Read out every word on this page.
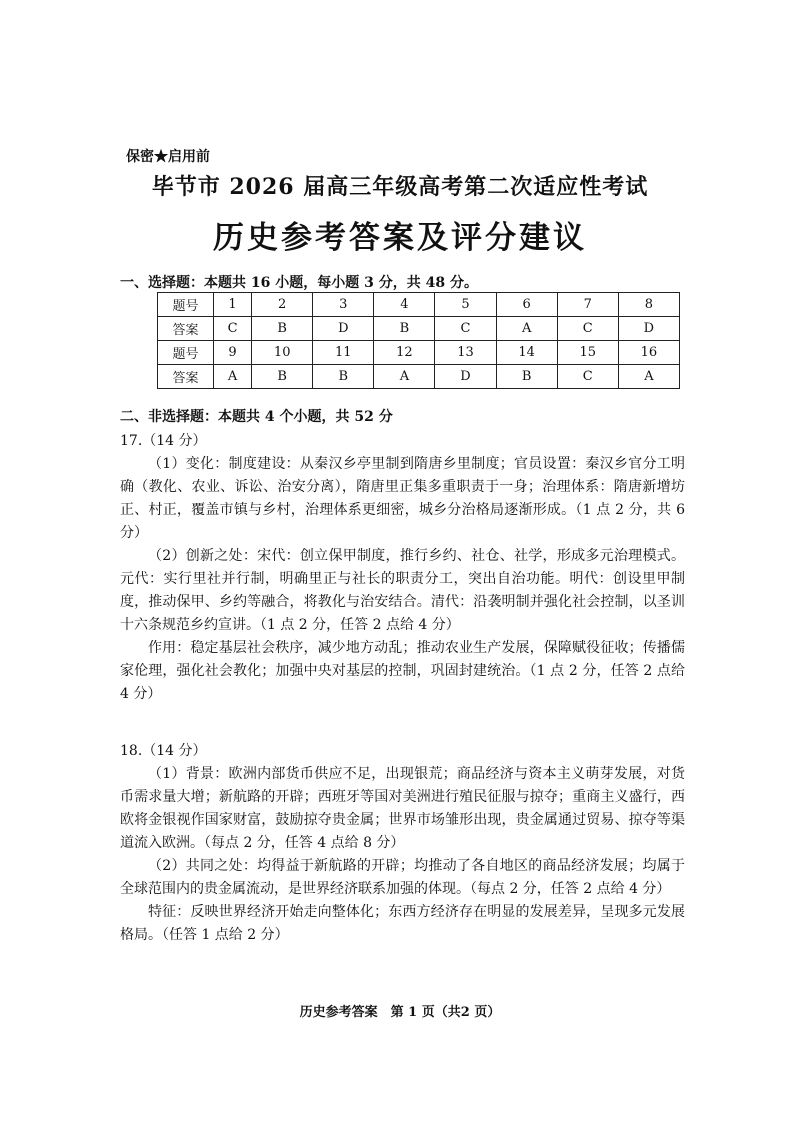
保密★启用前
毕节市 2026 届高三年级高考第二次适应性考试
历史参考答案及评分建议
一、选择题：本题共 16 小题，每小题 3 分，共 48 分。
题号	1	2	3	4	5	6	7	8
答案	C	B	D	B	C	A	C	D
题号	9	10	11	12	13	14	15	16
答案	A	B	B	A	D	B	C	A
二、非选择题：本题共 4 个小题，共 52 分
17.（14 分）

（1）变化：制度建设：从秦汉乡亭里制到隋唐乡里制度；官员设置：秦汉乡官分工明确（教化、农业、诉讼、治安分离），隋唐里正集多重职责于一身；治理体系：隋唐新增坊正、村正，覆盖市镇与乡村，治理体系更细密，城乡分治格局逐渐形成。（1 点 2 分，共 6 分）

（2）创新之处：宋代：创立保甲制度，推行乡约、社仓、社学，形成多元治理模式。元代：实行里社并行制，明确里正与社长的职责分工，突出自治功能。明代：创设里甲制度，推动保甲、乡约等融合，将教化与治安结合。清代：沿袭明制并强化社会控制，以圣训十六条规范乡约宣讲。（1 点 2 分，任答 2 点给 4 分）

作用：稳定基层社会秩序，减少地方动乱；推动农业生产发展，保障赋役征收；传播儒家伦理，强化社会教化；加强中央对基层的控制，巩固封建统治。（1 点 2 分，任答 2 点给 4 分）

18.（14 分）

（1）背景：欧洲内部货币供应不足，出现银荒；商品经济与资本主义萌芽发展，对货币需求量大增；新航路的开辟；西班牙等国对美洲进行殖民征服与掠夺；重商主义盛行，西欧将金银视作国家财富，鼓励掠夺贵金属；世界市场雏形出现，贵金属通过贸易、掠夺等渠道流入欧洲。（每点 2 分，任答 4 点给 8 分）

（2）共同之处：均得益于新航路的开辟；均推动了各自地区的商品经济发展；均属于全球范围内的贵金属流动，是世界经济联系加强的体现。（每点 2 分，任答 2 点给 4 分）

特征：反映世界经济开始走向整体化；东西方经济存在明显的发展差异，呈现多元发展格局。（任答 1 点给 2 分）

历史参考答案　第 1 页（共2 页）
